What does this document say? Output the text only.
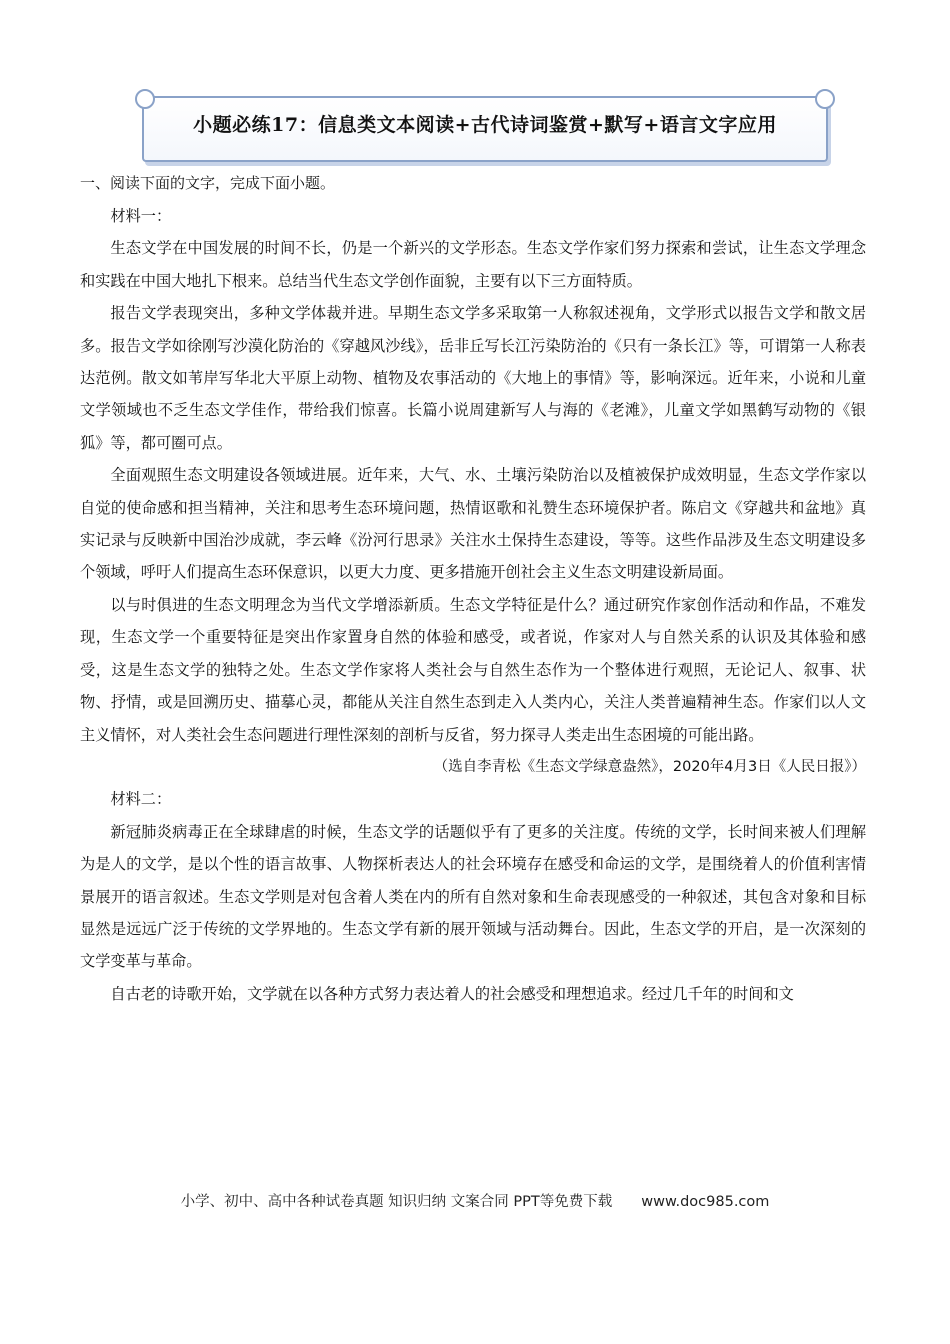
小题必练17：信息类文本阅读+古代诗词鉴赏+默写+语言文字应用
一、阅读下面的文字，完成下面小题。

材料一：

生态文学在中国发展的时间不长，仍是一个新兴的文学形态。生态文学作家们努力探索和尝试，让生态文学理念和实践在中国大地扎下根来。总结当代生态文学创作面貌，主要有以下三方面特质。

报告文学表现突出，多种文学体裁并进。早期生态文学多采取第一人称叙述视角，文学形式以报告文学和散文居多。报告文学如徐刚写沙漠化防治的《穿越风沙线》，岳非丘写长江污染防治的《只有一条长江》等，可谓第一人称表达范例。散文如苇岸写华北大平原上动物、植物及农事活动的《大地上的事情》等，影响深远。近年来，小说和儿童文学领域也不乏生态文学佳作，带给我们惊喜。长篇小说周建新写人与海的《老滩》，儿童文学如黑鹤写动物的《银狐》等，都可圈可点。

全面观照生态文明建设各领域进展。近年来，大气、水、土壤污染防治以及植被保护成效明显，生态文学作家以自觉的使命感和担当精神，关注和思考生态环境问题，热情讴歌和礼赞生态环境保护者。陈启文《穿越共和盆地》真实记录与反映新中国治沙成就，李云峰《汾河行思录》关注水土保持生态建设，等等。这些作品涉及生态文明建设多个领域，呼吁人们提高生态环保意识，以更大力度、更多措施开创社会主义生态文明建设新局面。

以与时俱进的生态文明理念为当代文学增添新质。生态文学特征是什么？通过研究作家创作活动和作品，不难发现，生态文学一个重要特征是突出作家置身自然的体验和感受，或者说，作家对人与自然关系的认识及其体验和感受，这是生态文学的独特之处。生态文学作家将人类社会与自然生态作为一个整体进行观照，无论记人、叙事、状物、抒情，或是回溯历史、描摹心灵，都能从关注自然生态到走入人类内心，关注人类普遍精神生态。作家们以人文主义情怀，对人类社会生态问题进行理性深刻的剖析与反省，努力探寻人类走出生态困境的可能出路。

（选自李青松《生态文学绿意盎然》，2020年4月3日《人民日报》）

材料二：

新冠肺炎病毒正在全球肆虐的时候，生态文学的话题似乎有了更多的关注度。传统的文学，长时间来被人们理解为是人的文学，是以个性的语言故事、人物探析表达人的社会环境存在感受和命运的文学，是围绕着人的价值利害情景展开的语言叙述。生态文学则是对包含着人类在内的所有自然对象和生命表现感受的一种叙述，其包含对象和目标显然是远远广泛于传统的文学界地的。生态文学有新的展开领域与活动舞台。因此，生态文学的开启，是一次深刻的文学变革与革命。

自古老的诗歌开始，文学就在以各种方式努力表达着人的社会感受和理想追求。经过几千年的时间和文

小学、初中、高中各种试卷真题 知识归纳 文案合同 PPT等免费下载　　www.doc985.com
